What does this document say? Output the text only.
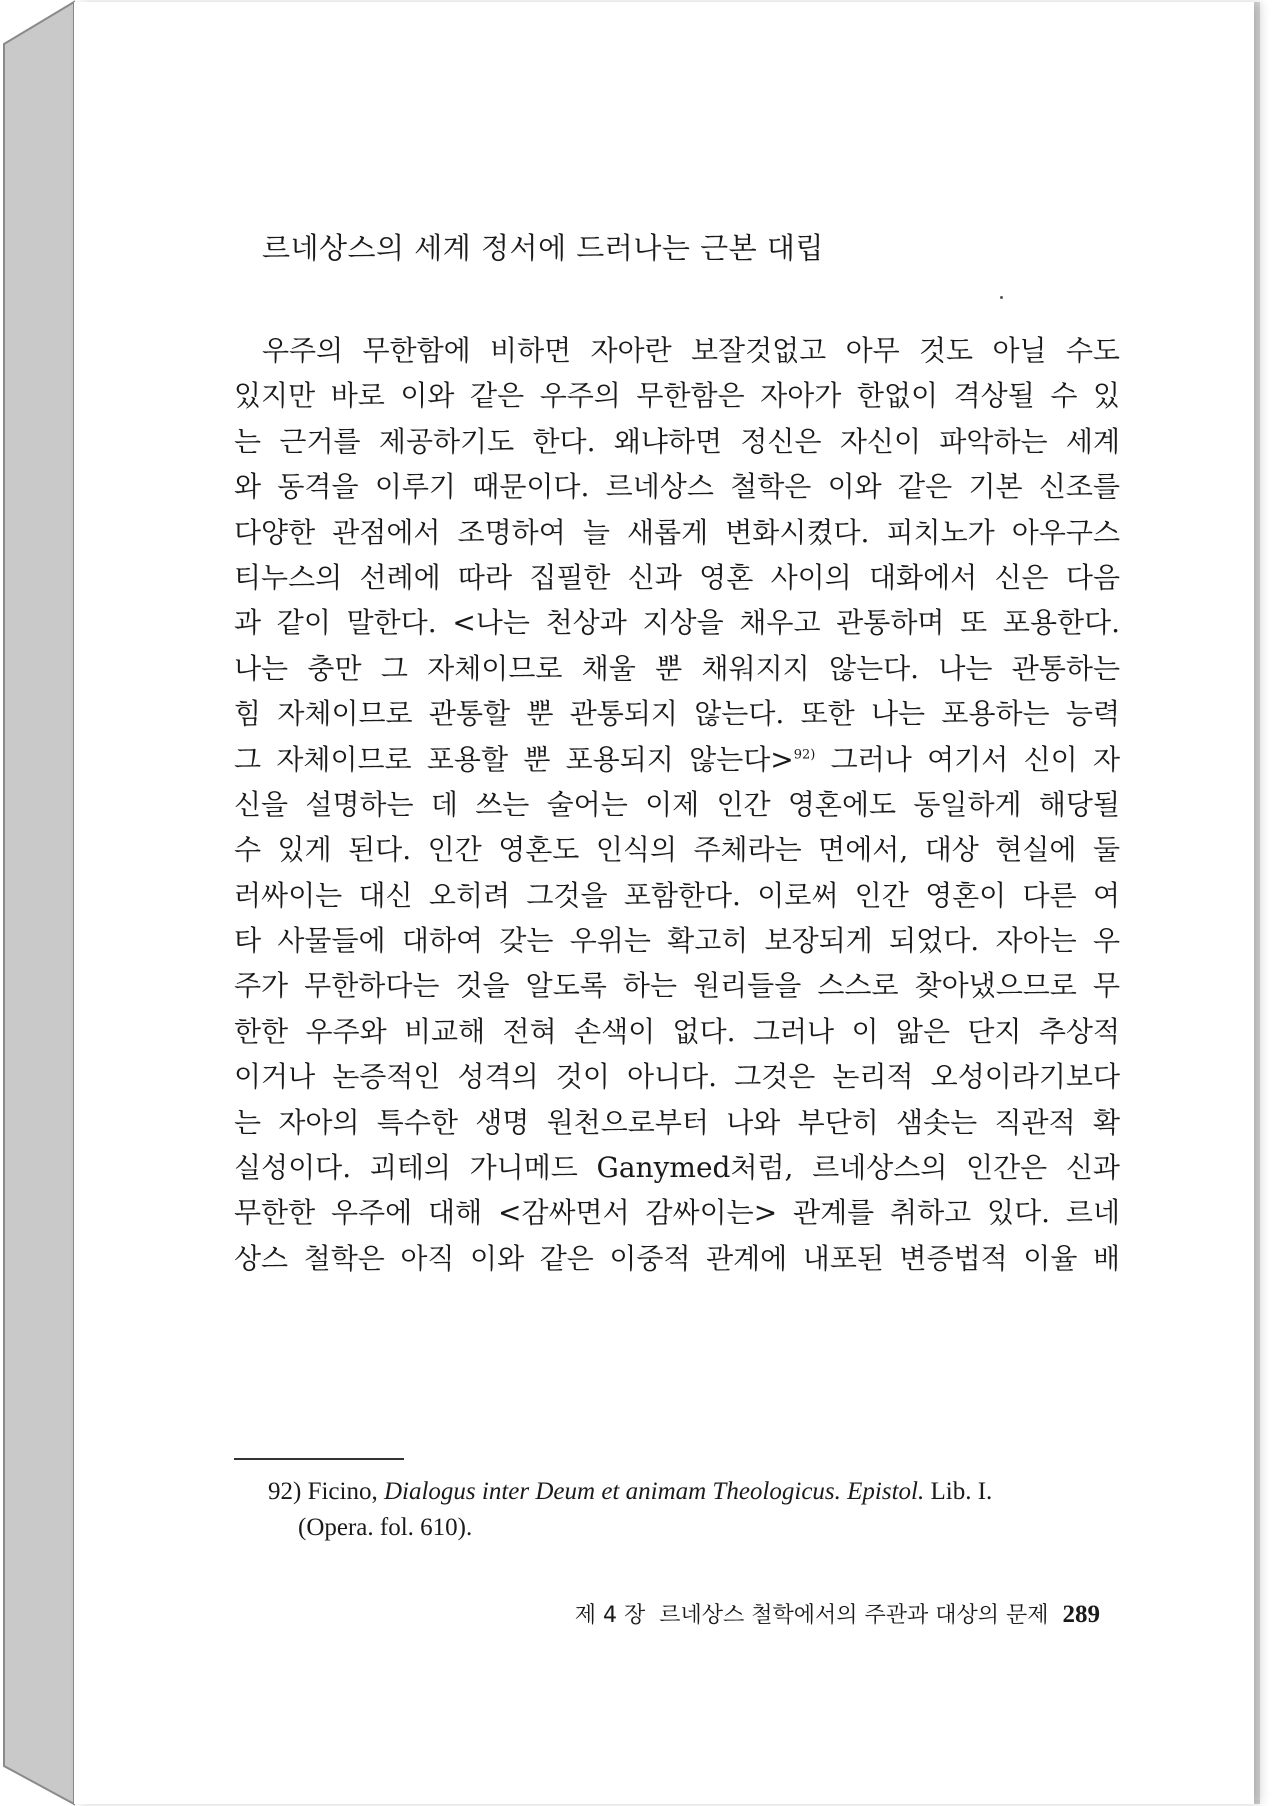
르네상스의 세계 정서에 드러나는 근본 대립
우주의 무한함에 비하면 자아란 보잘것없고 아무 것도 아닐 수도
있지만 바로 이와 같은 우주의 무한함은 자아가 한없이 격상될 수 있
는 근거를 제공하기도 한다. 왜냐하면 정신은 자신이 파악하는 세계
와 동격을 이루기 때문이다. 르네상스 철학은 이와 같은 기본 신조를
다양한 관점에서 조명하여 늘 새롭게 변화시켰다. 피치노가 아우구스
티누스의 선례에 따라 집필한 신과 영혼 사이의 대화에서 신은 다음
과 같이 말한다. <나는 천상과 지상을 채우고 관통하며 또 포용한다.
나는 충만 그 자체이므로 채울 뿐 채워지지 않는다. 나는 관통하는
힘 자체이므로 관통할 뿐 관통되지 않는다. 또한 나는 포용하는 능력
그 자체이므로 포용할 뿐 포용되지 않는다>$^{92)}$ 그러나 여기서 신이 자
신을 설명하는 데 쓰는 술어는 이제 인간 영혼에도 동일하게 해당될
수 있게 된다. 인간 영혼도 인식의 주체라는 면에서, 대상 현실에 둘
러싸이는 대신 오히려 그것을 포함한다. 이로써 인간 영혼이 다른 여
타 사물들에 대하여 갖는 우위는 확고히 보장되게 되었다. 자아는 우
주가 무한하다는 것을 알도록 하는 원리들을 스스로 찾아냈으므로 무
한한 우주와 비교해 전혀 손색이 없다. 그러나 이 앎은 단지 추상적
이거나 논증적인 성격의 것이 아니다. 그것은 논리적 오성이라기보다
는 자아의 특수한 생명 원천으로부터 나와 부단히 샘솟는 직관적 확
실성이다. 괴테의 가니메드 Ganymed처럼, 르네상스의 인간은 신과
무한한 우주에 대해 <감싸면서 감싸이는> 관계를 취하고 있다. 르네
상스 철학은 아직 이와 같은 이중적 관계에 내포된 변증법적 이율 배
92) Ficino, Dialogus inter Deum et animam Theologicus. Epistol. Lib. I.
(Opera. fol. 610).
제 4 장 르네상스 철학에서의 주관과 대상의 문제 289
